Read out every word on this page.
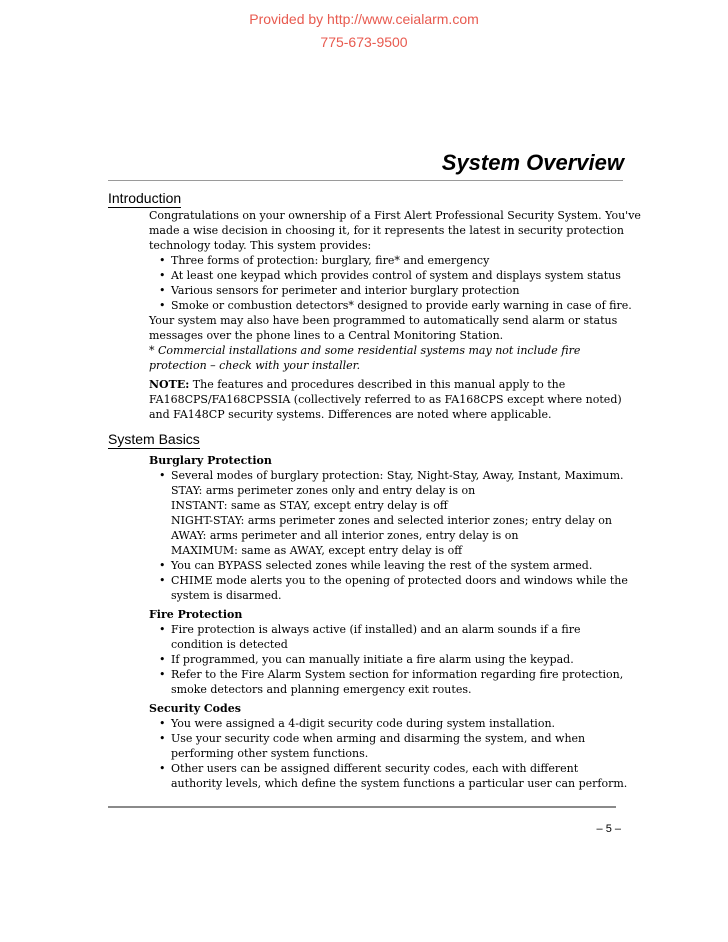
Provided by http://www.ceialarm.com
775-673-9500
System Overview
Introduction
Congratulations on your ownership of a First Alert Professional Security System. You've
made a wise decision in choosing it, for it represents the latest in security protection
technology today. This system provides:
• Three forms of protection: burglary, fire* and emergency
• At least one keypad which provides control of system and displays system status
• Various sensors for perimeter and interior burglary protection
• Smoke or combustion detectors* designed to provide early warning in case of fire.
Your system may also have been programmed to automatically send alarm or status
messages over the phone lines to a Central Monitoring Station.
* Commercial installations and some residential systems may not include fire
protection – check with your installer.
NOTE: The features and procedures described in this manual apply to the
FA168CPS/FA168CPSSIA (collectively referred to as FA168CPS except where noted)
and FA148CP security systems. Differences are noted where applicable.
System Basics
Burglary Protection
• Several modes of burglary protection: Stay, Night-Stay, Away, Instant, Maximum.
STAY: arms perimeter zones only and entry delay is on
INSTANT: same as STAY, except entry delay is off
NIGHT-STAY: arms perimeter zones and selected interior zones; entry delay on
AWAY: arms perimeter and all interior zones, entry delay is on
MAXIMUM: same as AWAY, except entry delay is off
• You can BYPASS selected zones while leaving the rest of the system armed.
• CHIME mode alerts you to the opening of protected doors and windows while the
system is disarmed.
Fire Protection
• Fire protection is always active (if installed) and an alarm sounds if a fire
condition is detected
• If programmed, you can manually initiate a fire alarm using the keypad.
• Refer to the Fire Alarm System section for information regarding fire protection,
smoke detectors and planning emergency exit routes.
Security Codes
• You were assigned a 4-digit security code during system installation.
• Use your security code when arming and disarming the system, and when
performing other system functions.
• Other users can be assigned different security codes, each with different
authority levels, which define the system functions a particular user can perform.
– 5 –
